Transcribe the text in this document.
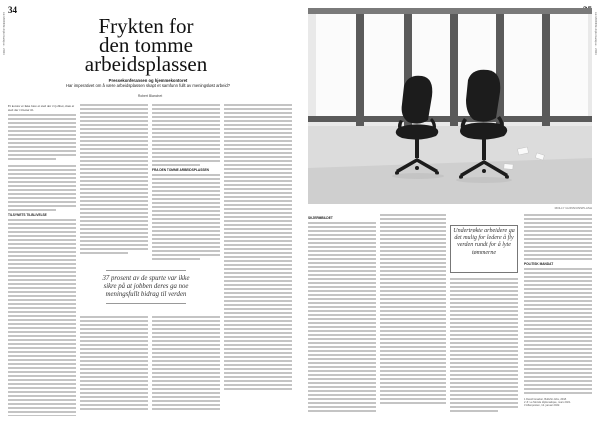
34
LE MONDE diplomatique · 2023	Frykten for
den tomme
arbeidsplassen
Pressekonferansen og hjemmekontoret
Har imperativet om å være arbeidsplassen skapt et samfunn fullt av meningsløst arbeid?
Robert Blanchet
Et kontor er ikke bare et sted der vi jobber, men et sted der vi hører til.
TILSYNETS TILBLIVELSE
FRA DEN TOMME ARBEIDSPLASSEN
37 prosent av de spurte var ikke sikre på at jobben deres ga noe meningsfullt bidrag til verden
LE MONDE diplomatique · 2023
MOLLY GUINN/UNSPLASH
SKJERMBILDET
Undertrøkte arbeidere ga det mulig for ledere å fly verden rundt for å lyte tømmerne
POLITISK MANDAT
1 David Graeber, Bullshit Jobs, 2018.
2 Jf. Le Monde diplomatique, mars 2021.
3 Aftenposten, 12. januar 2022.
